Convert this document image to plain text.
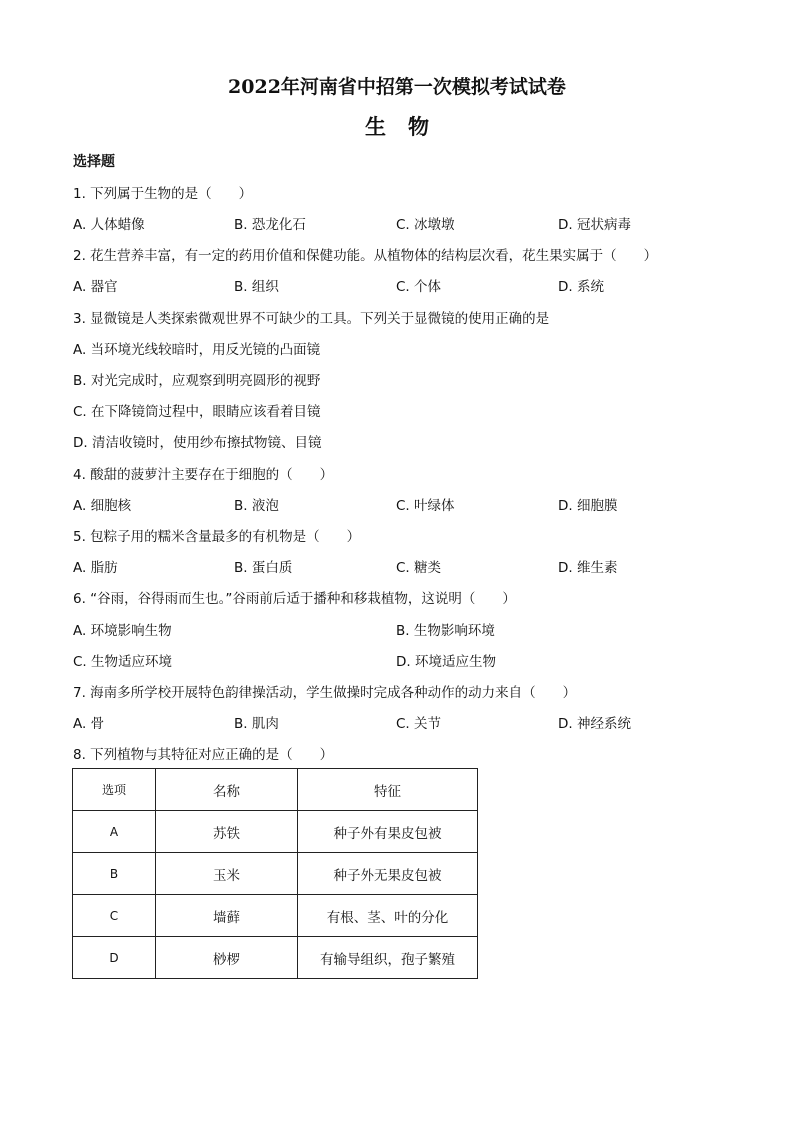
2022年河南省中招第一次模拟考试试卷
生物
选择题
1. 下列属于生物的是（　　）
A. 人体蜡像	B. 恐龙化石	C. 冰墩墩	D. 冠状病毒
2. 花生营养丰富，有一定的药用价值和保健功能。从植物体的结构层次看，花生果实属于（　　）
A. 器官	B. 组织	C. 个体	D. 系统
3. 显微镜是人类探索微观世界不可缺少的工具。下列关于显微镜的使用正确的是
A. 当环境光线较暗时，用反光镜的凸面镜
B. 对光完成时，应观察到明亮圆形的视野
C. 在下降镜筒过程中，眼睛应该看着目镜
D. 清洁收镜时，使用纱布擦拭物镜、目镜
4. 酸甜的菠萝汁主要存在于细胞的（　　）
A. 细胞核	B. 液泡	C. 叶绿体	D. 细胞膜
5. 包粽子用的糯米含量最多的有机物是（　　）
A. 脂肪	B. 蛋白质	C. 糖类	D. 维生素
6. “谷雨，谷得雨而生也。”谷雨前后适于播种和移栽植物，这说明（　　）
A. 环境影响生物	B. 生物影响环境
C. 生物适应环境	D. 环境适应生物
7. 海南多所学校开展特色韵律操活动，学生做操时完成各种动作的动力来自（　　）
A. 骨	B. 肌肉	C. 关节	D. 神经系统
8. 下列植物与其特征对应正确的是（　　）
选项	名称	特征
A	苏铁	种子外有果皮包被
B	玉米	种子外无果皮包被
C	墙藓	有根、茎、叶的分化
D	桫椤	有输导组织，孢子繁殖
